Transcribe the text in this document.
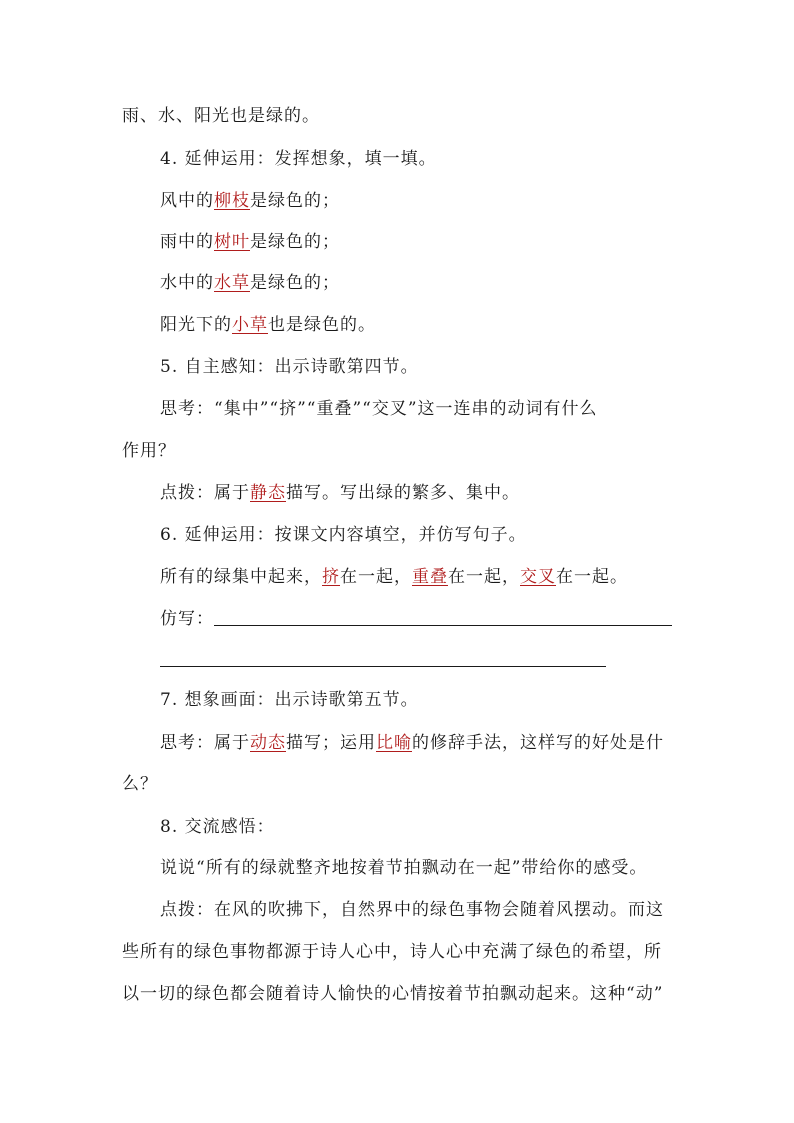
雨、水、阳光也是绿的。
4. 延伸运用：发挥想象，填一填。
风中的柳枝是绿色的；
雨中的树叶是绿色的；
水中的水草是绿色的；
阳光下的小草也是绿色的。
5. 自主感知：出示诗歌第四节。
思考：“集中”“挤”“重叠”“交叉”这一连串的动词有什么
作用？
点拨：属于静态描写。写出绿的繁多、集中。
6. 延伸运用：按课文内容填空，并仿写句子。
所有的绿集中起来，挤在一起，重叠在一起，交叉在一起。
仿写：
7. 想象画面：出示诗歌第五节。
思考：属于动态描写；运用比喻的修辞手法，这样写的好处是什
么？
8. 交流感悟：
说说“所有的绿就整齐地按着节拍飘动在一起”带给你的感受。
点拨：在风的吹拂下，自然界中的绿色事物会随着风摆动。而这
些所有的绿色事物都源于诗人心中，诗人心中充满了绿色的希望，所
以一切的绿色都会随着诗人愉快的心情按着节拍飘动起来。这种“动”
